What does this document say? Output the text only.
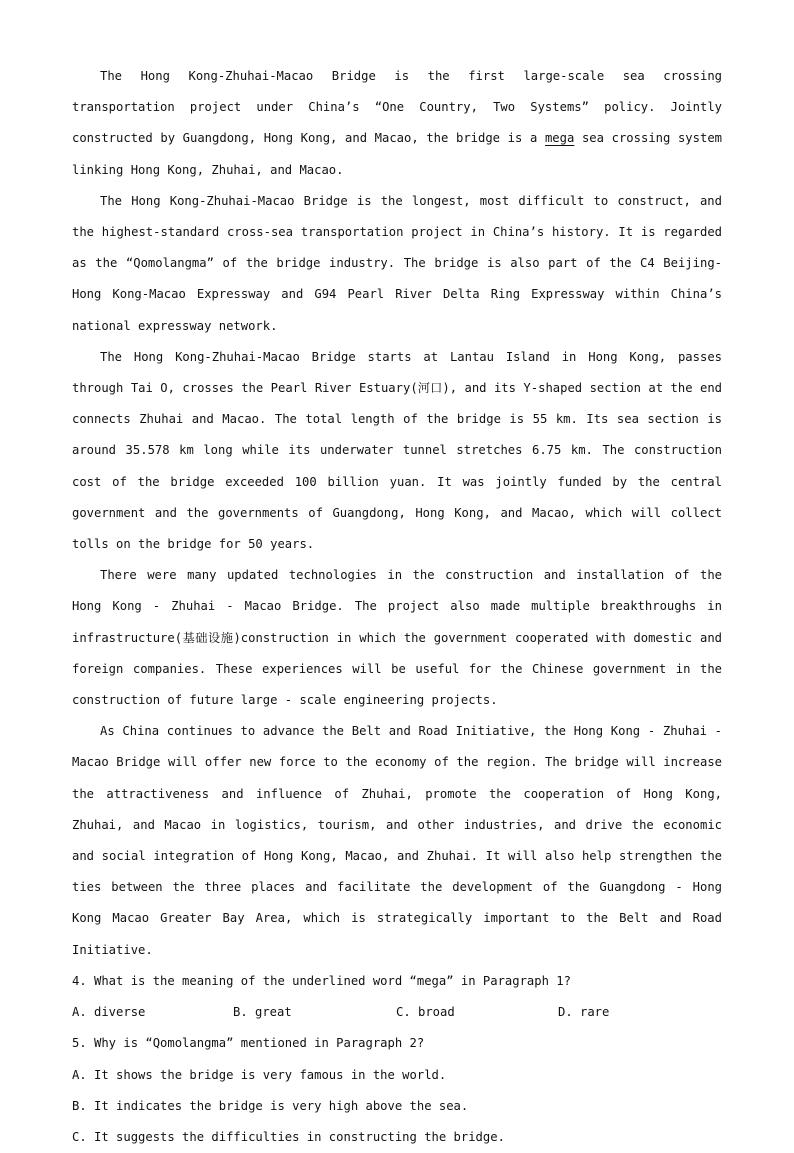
The Hong Kong-Zhuhai-Macao Bridge is the first large-scale sea crossing transportation project under China’s “One Country, Two Systems” policy. Jointly constructed by Guangdong, Hong Kong, and Macao, the bridge is a mega sea crossing system linking Hong Kong, Zhuhai, and Macao.

The Hong Kong-Zhuhai-Macao Bridge is the longest, most difficult to construct, and the highest-standard cross-sea transportation project in China’s history. It is regarded as the “Qomolangma” of the bridge industry. The bridge is also part of the C4 Beijing-Hong Kong-Macao Expressway and G94 Pearl River Delta Ring Expressway within China’s national expressway network.

The Hong Kong-Zhuhai-Macao Bridge starts at Lantau Island in Hong Kong, passes through Tai O, crosses the Pearl River Estuary(河口), and its Y-shaped section at the end connects Zhuhai and Macao. The total length of the bridge is 55 km. Its sea section is around 35.578 km long while its underwater tunnel stretches 6.75 km. The construction cost of the bridge exceeded 100 billion yuan. It was jointly funded by the central government and the governments of Guangdong, Hong Kong, and Macao, which will collect tolls on the bridge for 50 years.

There were many updated technologies in the construction and installation of the Hong Kong - Zhuhai - Macao Bridge. The project also made multiple breakthroughs in infrastructure(基础设施)construction in which the government cooperated with domestic and foreign companies. These experiences will be useful for the Chinese government in the construction of future large - scale engineering projects.

As China continues to advance the Belt and Road Initiative, the Hong Kong - Zhuhai - Macao Bridge will offer new force to the economy of the region. The bridge will increase the attractiveness and influence of Zhuhai, promote the cooperation of Hong Kong, Zhuhai, and Macao in logistics, tourism, and other industries, and drive the economic and social integration of Hong Kong, Macao, and Zhuhai. It will also help strengthen the ties between the three places and facilitate the development of the Guangdong - Hong Kong Macao Greater Bay Area, which is strategically important to the Belt and Road Initiative.

4. What is the meaning of the underlined word “mega” in Paragraph 1?

A. diverse	B. great	C. broad	D. rare

5. Why is “Qomolangma” mentioned in Paragraph 2?

A. It shows the bridge is very famous in the world.

B. It indicates the bridge is very high above the sea.

C. It suggests the difficulties in constructing the bridge.
